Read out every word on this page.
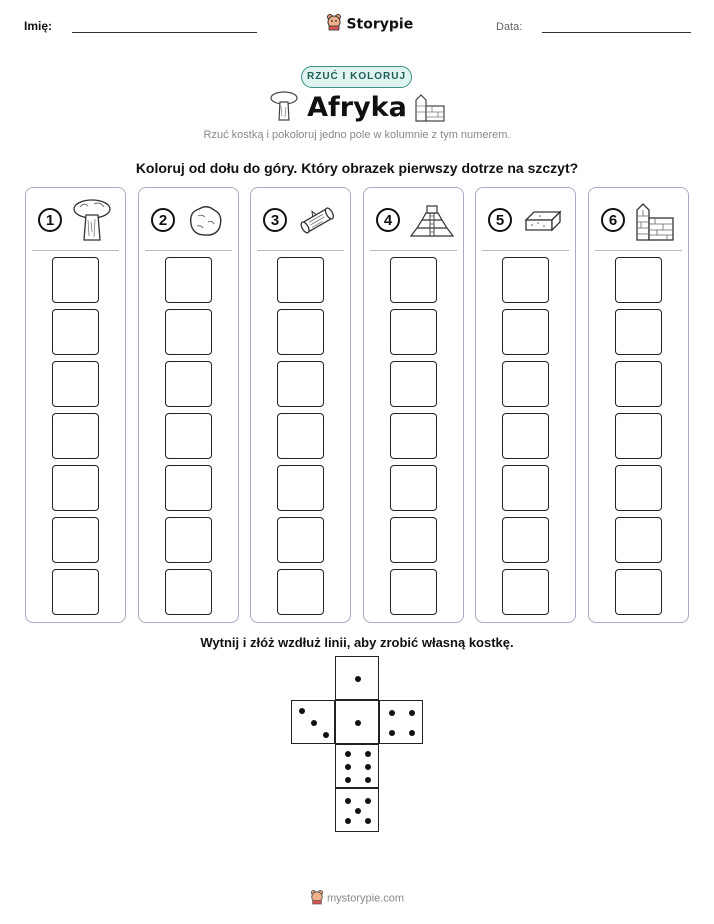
Imię:	Storypie	Data:
RZUĆ I KOLORUJ
Afryka
Rzuć kostką i pokoloruj jedno pole w kolumnie z tym numerem.
Koloruj od dołu do góry. Który obrazek pierwszy dotrze na szczyt?
1	2	3	4	5	6
Wytnij i złóż wzdłuż linii, aby zrobić własną kostkę.
mystorypie.com
